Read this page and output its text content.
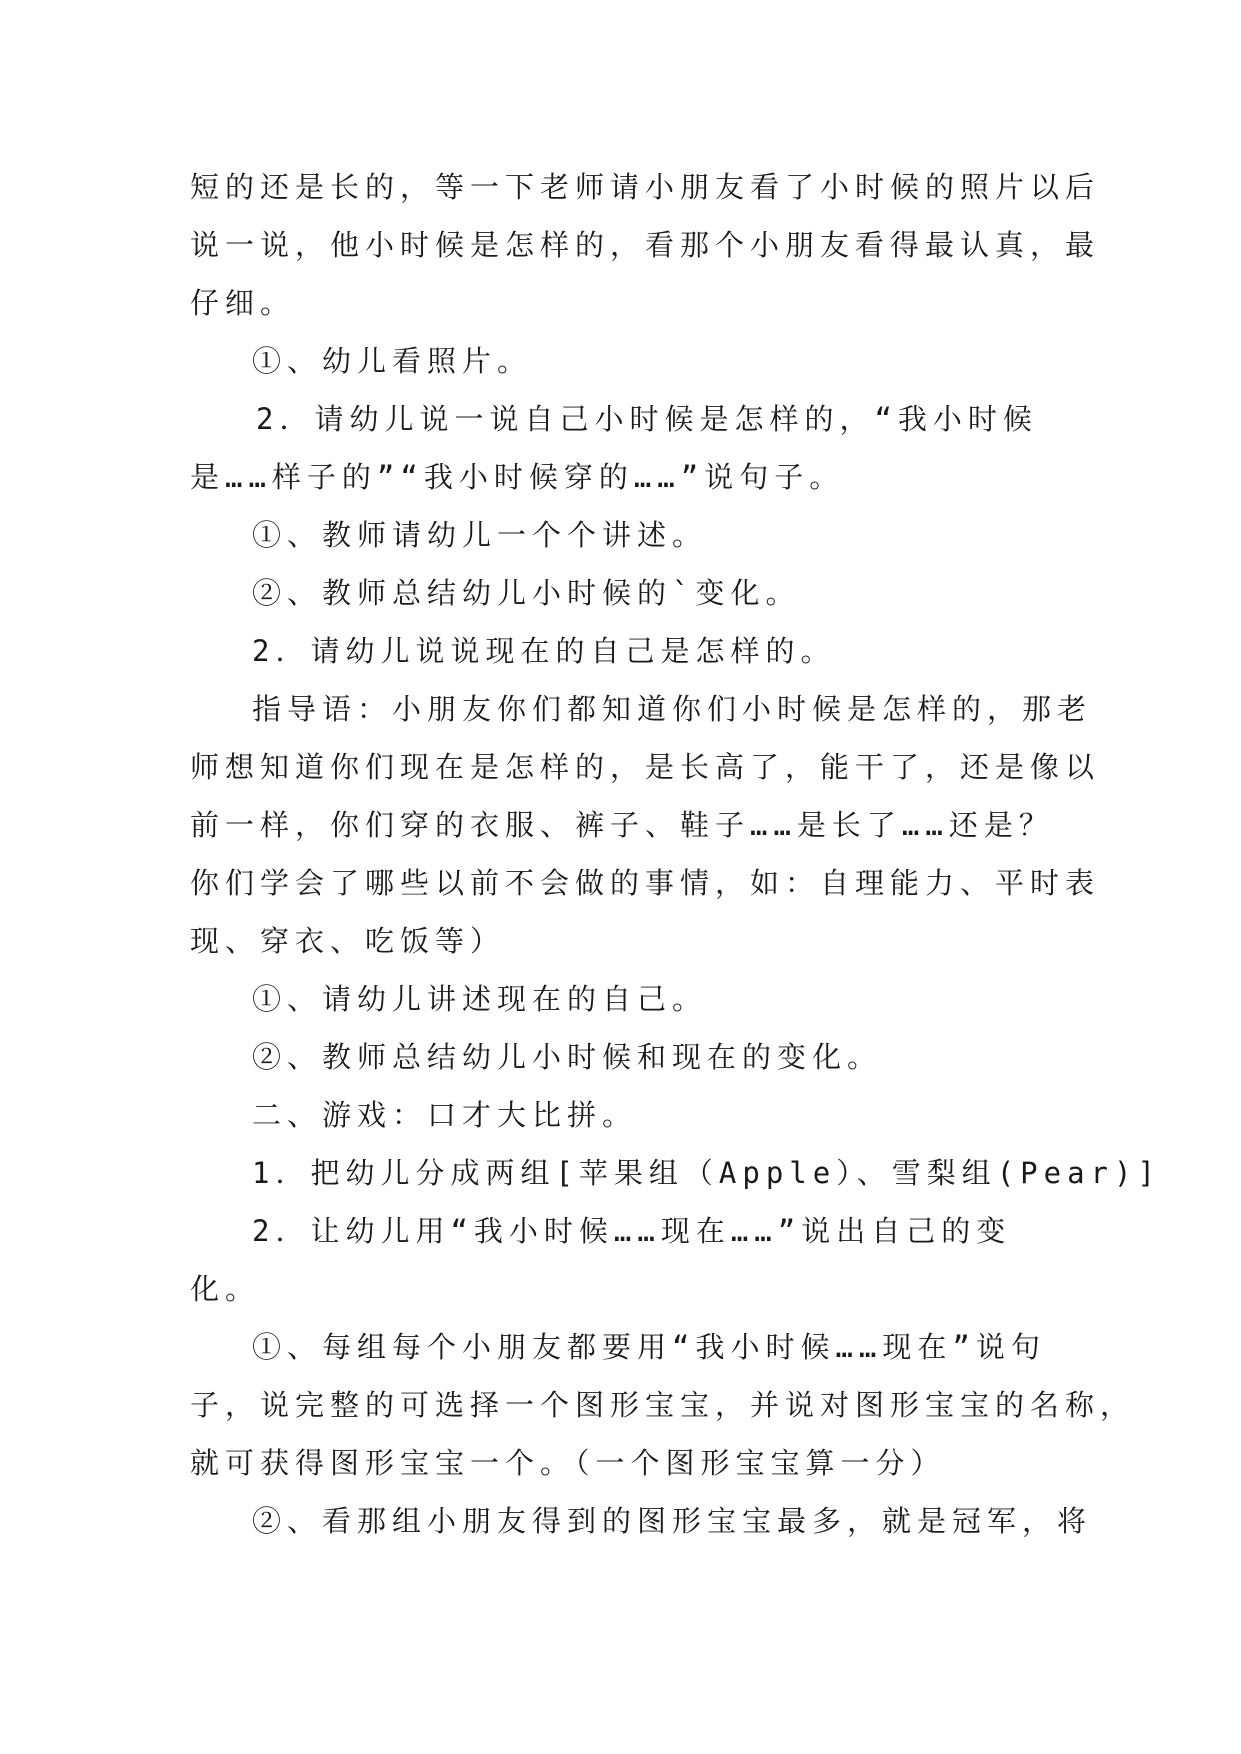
短的还是长的，等一下老师请小朋友看了小时候的照片以后
说一说，他小时候是怎样的，看那个小朋友看得最认真，最
仔细。
①、幼儿看照片。
2．请幼儿说一说自己小时候是怎样的，“我小时候
是……样子的”“我小时候穿的……”说句子。
①、教师请幼儿一个个讲述。
②、教师总结幼儿小时候的`变化。
2．请幼儿说说现在的自己是怎样的。
指导语：小朋友你们都知道你们小时候是怎样的，那老
师想知道你们现在是怎样的，是长高了，能干了，还是像以
前一样，你们穿的衣服、裤子、鞋子……是长了……还是？
你们学会了哪些以前不会做的事情，如：自理能力、平时表
现、穿衣、吃饭等）
①、请幼儿讲述现在的自己。
②、教师总结幼儿小时候和现在的变化。
二、游戏：口才大比拼。
1．把幼儿分成两组[苹果组（Apple）、雪梨组(Pear)]
2．让幼儿用“我小时候……现在……”说出自己的变
化。
①、每组每个小朋友都要用“我小时候……现在”说句
子，说完整的可选择一个图形宝宝，并说对图形宝宝的名称，
就可获得图形宝宝一个。（一个图形宝宝算一分）
②、看那组小朋友得到的图形宝宝最多，就是冠军，将
